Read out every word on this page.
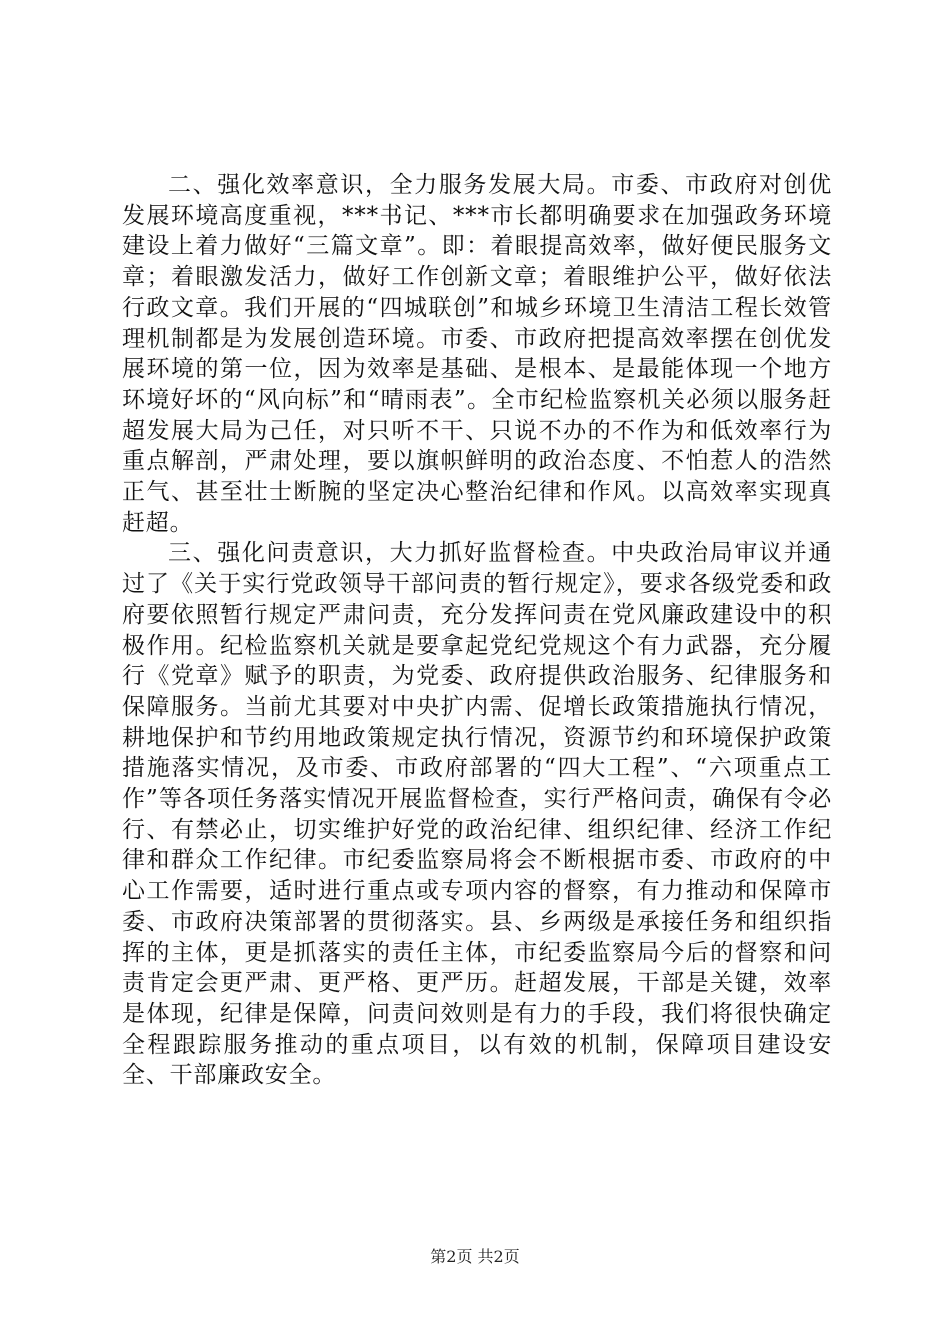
二、强化效率意识，全力服务发展大局。市委、市政府对创优发展环境高度重视，***书记、***市长都明确要求在加强政务环境建设上着力做好“三篇文章”。即：着眼提高效率，做好便民服务文章；着眼激发活力，做好工作创新文章；着眼维护公平，做好依法行政文章。我们开展的“四城联创”和城乡环境卫生清洁工程长效管理机制都是为发展创造环境。市委、市政府把提高效率摆在创优发展环境的第一位，因为效率是基础、是根本、是最能体现一个地方环境好坏的“风向标”和“晴雨表”。全市纪检监察机关必须以服务赶超发展大局为己任，对只听不干、只说不办的不作为和低效率行为重点解剖，严肃处理，要以旗帜鲜明的政治态度、不怕惹人的浩然正气、甚至壮士断腕的坚定决心整治纪律和作风。以高效率实现真赶超。

三、强化问责意识，大力抓好监督检查。中央政治局审议并通过了《关于实行党政领导干部问责的暂行规定》，要求各级党委和政府要依照暂行规定严肃问责，充分发挥问责在党风廉政建设中的积极作用。纪检监察机关就是要拿起党纪党规这个有力武器，充分履行《党章》赋予的职责，为党委、政府提供政治服务、纪律服务和保障服务。当前尤其要对中央扩内需、促增长政策措施执行情况，耕地保护和节约用地政策规定执行情况，资源节约和环境保护政策措施落实情况，及市委、市政府部署的“四大工程”、“六项重点工作”等各项任务落实情况开展监督检查，实行严格问责，确保有令必行、有禁必止，切实维护好党的政治纪律、组织纪律、经济工作纪律和群众工作纪律。市纪委监察局将会不断根据市委、市政府的中心工作需要，适时进行重点或专项内容的督察，有力推动和保障市委、市政府决策部署的贯彻落实。县、乡两级是承接任务和组织指挥的主体，更是抓落实的责任主体，市纪委监察局今后的督察和问责肯定会更严肃、更严格、更严历。赶超发展，干部是关键，效率是体现，纪律是保障，问责问效则是有力的手段，我们将很快确定全程跟踪服务推动的重点项目，以有效的机制，保障项目建设安全、干部廉政安全。

第2页 共2页
